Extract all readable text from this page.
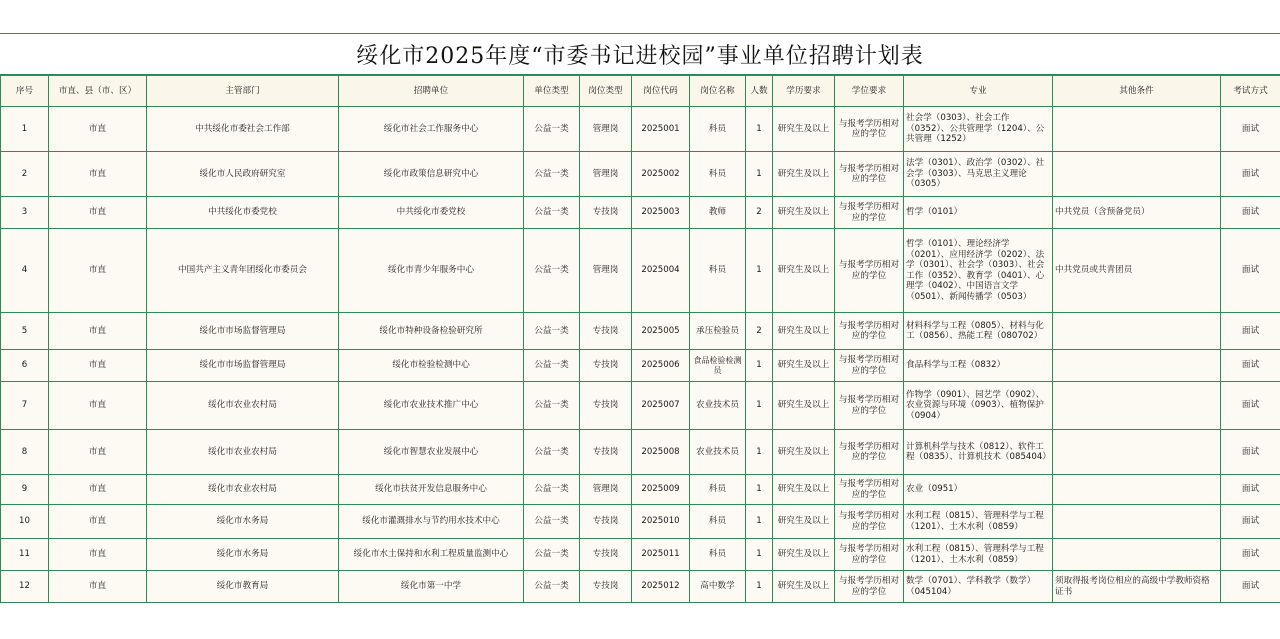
绥化市2025年度“市委书记进校园”事业单位招聘计划表
序号	市直、县（市、区）	主管部门	招聘单位	单位类型	岗位类型	岗位代码	岗位名称	人数	学历要求	学位要求	专业	其他条件	考试方式
1	市直	中共绥化市委社会工作部	绥化市社会工作服务中心	公益一类	管理岗	2025001	科员	1	研究生及以上	与报考学历相对应的学位	社会学（0303）、社会工作（0352）、公共管理学（1204）、公共管理（1252）		面试
2	市直	绥化市人民政府研究室	绥化市政策信息研究中心	公益一类	管理岗	2025002	科员	1	研究生及以上	与报考学历相对应的学位	法学（0301）、政治学（0302）、社会学（0303）、马克思主义理论（0305）		面试
3	市直	中共绥化市委党校	中共绥化市委党校	公益一类	专技岗	2025003	教师	2	研究生及以上	与报考学历相对应的学位	哲学（0101）	中共党员（含预备党员）	面试
4	市直	中国共产主义青年团绥化市委员会	绥化市青少年服务中心	公益一类	管理岗	2025004	科员	1	研究生及以上	与报考学历相对应的学位	哲学（0101）、理论经济学（0201）、应用经济学（0202）、法学（0301）、社会学（0303）、社会工作（0352）、教育学（0401）、心理学（0402）、中国语言文学（0501）、新闻传播学（0503）	中共党员或共青团员	面试
5	市直	绥化市市场监督管理局	绥化市特种设备检验研究所	公益一类	专技岗	2025005	承压检验员	2	研究生及以上	与报考学历相对应的学位	材料科学与工程（0805）、材料与化工（0856）、热能工程（080702）		面试
6	市直	绥化市市场监督管理局	绥化市检验检测中心	公益一类	专技岗	2025006	食品检验检测员	1	研究生及以上	与报考学历相对应的学位	食品科学与工程（0832）		面试
7	市直	绥化市农业农村局	绥化市农业技术推广中心	公益一类	专技岗	2025007	农业技术员	1	研究生及以上	与报考学历相对应的学位	作物学（0901）、园艺学（0902）、农业资源与环境（0903）、植物保护（0904）		面试
8	市直	绥化市农业农村局	绥化市智慧农业发展中心	公益一类	专技岗	2025008	农业技术员	1	研究生及以上	与报考学历相对应的学位	计算机科学与技术（0812）、软件工程（0835）、计算机技术（085404）		面试
9	市直	绥化市农业农村局	绥化市扶贫开发信息服务中心	公益一类	管理岗	2025009	科员	1	研究生及以上	与报考学历相对应的学位	农业（0951）		面试
10	市直	绥化市水务局	绥化市灌溉排水与节约用水技术中心	公益一类	专技岗	2025010	科员	1	研究生及以上	与报考学历相对应的学位	水利工程（0815）、管理科学与工程（1201）、土木水利（0859）		面试
11	市直	绥化市水务局	绥化市水土保持和水利工程质量监测中心	公益一类	专技岗	2025011	科员	1	研究生及以上	与报考学历相对应的学位	水利工程（0815）、管理科学与工程（1201）、土木水利（0859）		面试
12	市直	绥化市教育局	绥化市第一中学	公益一类	专技岗	2025012	高中数学	1	研究生及以上	与报考学历相对应的学位	数学（0701）、学科教学（数学）（045104）	须取得报考岗位相应的高级中学教师资格证书	面试
